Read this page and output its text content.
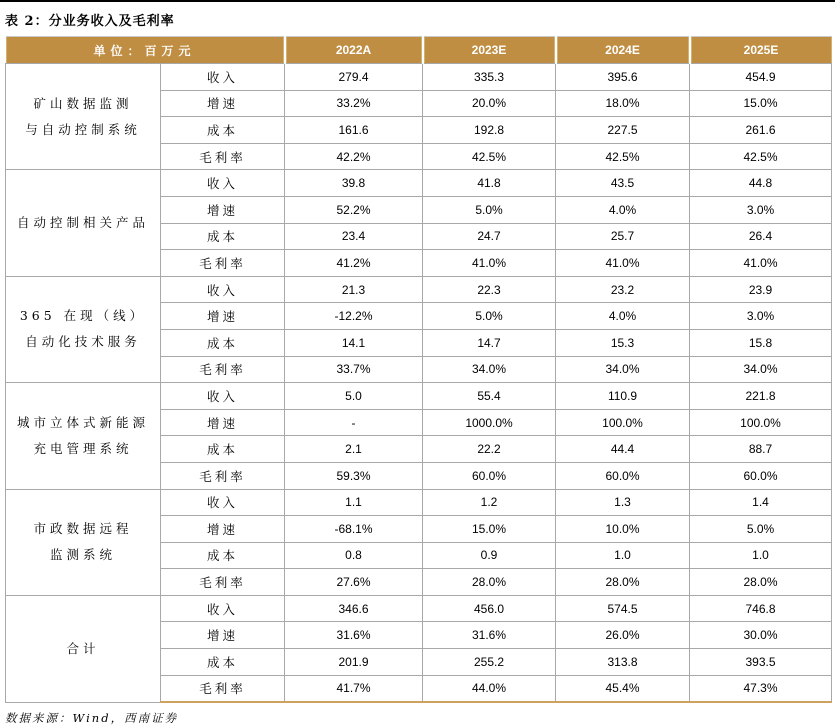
表 2：分业务收入及毛利率
单位：百万元		2022A	2023E	2024E	2025E

矿山数据监测
与自动控制系统	收入	279.4	335.3	395.6	454.9
	增速	33.2%	20.0%	18.0%	15.0%
	成本	161.6	192.8	227.5	261.6
	毛利率	42.2%	42.5%	42.5%	42.5%

自动控制相关产品	收入	39.8	41.8	43.5	44.8
	增速	52.2%	5.0%	4.0%	3.0%
	成本	23.4	24.7	25.7	26.4
	毛利率	41.2%	41.0%	41.0%	41.0%

365 在现（线）
自动化技术服务	收入	21.3	22.3	23.2	23.9
	增速	-12.2%	5.0%	4.0%	3.0%
	成本	14.1	14.7	15.3	15.8
	毛利率	33.7%	34.0%	34.0%	34.0%

城市立体式新能源
充电管理系统	收入	5.0	55.4	110.9	221.8
	增速	-	1000.0%	100.0%	100.0%
	成本	2.1	22.2	44.4	88.7
	毛利率	59.3%	60.0%	60.0%	60.0%

市政数据远程
监测系统	收入	1.1	1.2	1.3	1.4
	增速	-68.1%	15.0%	10.0%	5.0%
	成本	0.8	0.9	1.0	1.0
	毛利率	27.6%	28.0%	28.0%	28.0%

合计	收入	346.6	456.0	574.5	746.8
	增速	31.6%	31.6%	26.0%	30.0%
	成本	201.9	255.2	313.8	393.5
	毛利率	41.7%	44.0%	45.4%	47.3%
数据来源：Wind，西南证券
